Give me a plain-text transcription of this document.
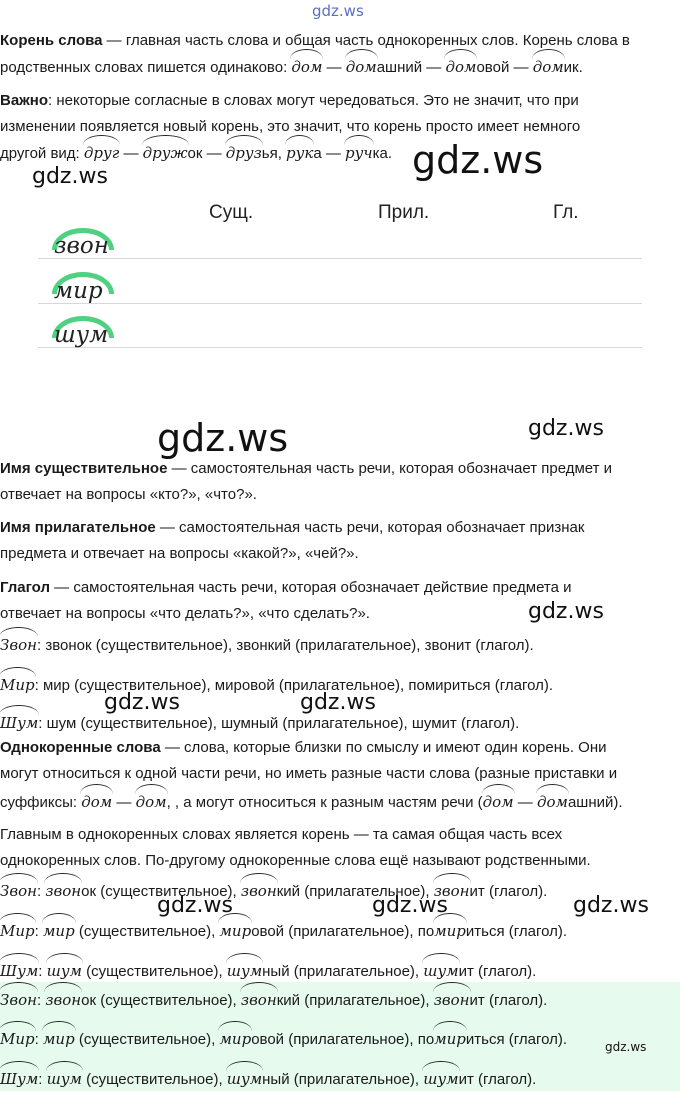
gdz.ws

Корень слова — главная часть слова и общая часть однокоренных слов. Корень слова в

родственных словах пишется одинаково: дом — домашний — домовой — домик.

Важно: некоторые согласные в словах могут чередоваться. Это не значит, что при

изменении появляется новый корень, это значит, что корень просто имеет немного

другой вид: друг — дружок — друзья, рука — ручка. gdz.ws
gdz.ws
Сущ.	Прил.	Гл.
звон
мир
шум
gdz.ws	gdz.ws

Имя существительное — самостоятельная часть речи, которая обозначает предмет и

отвечает на вопросы «кто?», «что?».

Имя прилагательное — самостоятельная часть речи, которая обозначает признак

предмета и отвечает на вопросы «какой?», «чей?».

Глагол — самостоятельная часть речи, которая обозначает действие предмета и

отвечает на вопросы «что делать?», «что сделать?».	gdz.ws

Звон: звонок (существительное), звонкий (прилагательное), звонит (глагол).

Мир: мир (существительное), мировой (прилагательное), помириться (глагол).

gdz.ws	gdz.ws

Шум: шум (существительное), шумный (прилагательное), шумит (глагол).

Однокоренные слова — слова, которые близки по смыслу и имеют один корень. Они

могут относиться к одной части речи, но иметь разные части слова (разные приставки и

суффиксы: дом — дом, , а могут относиться к разным частям речи (дом — домашний).

Главным в однокоренных словах является корень — та самая общая часть всех

однокоренных слов. По-другому однокоренные слова ещё называют родственными.

Звон: звонок (существительное), звонкий (прилагательное), звонит (глагол).

gdz.ws	gdz.ws	gdz.ws

Мир: мир (существительное), мировой (прилагательное), помириться (глагол).

Шум: шум (существительное), шумный (прилагательное), шумит (глагол).

Звон: звонок (существительное), звонкий (прилагательное), звонит (глагол).

Мир: мир (существительное), мировой (прилагательное), помириться (глагол).	gdz.ws

Шум: шум (существительное), шумный (прилагательное), шумит (глагол).
